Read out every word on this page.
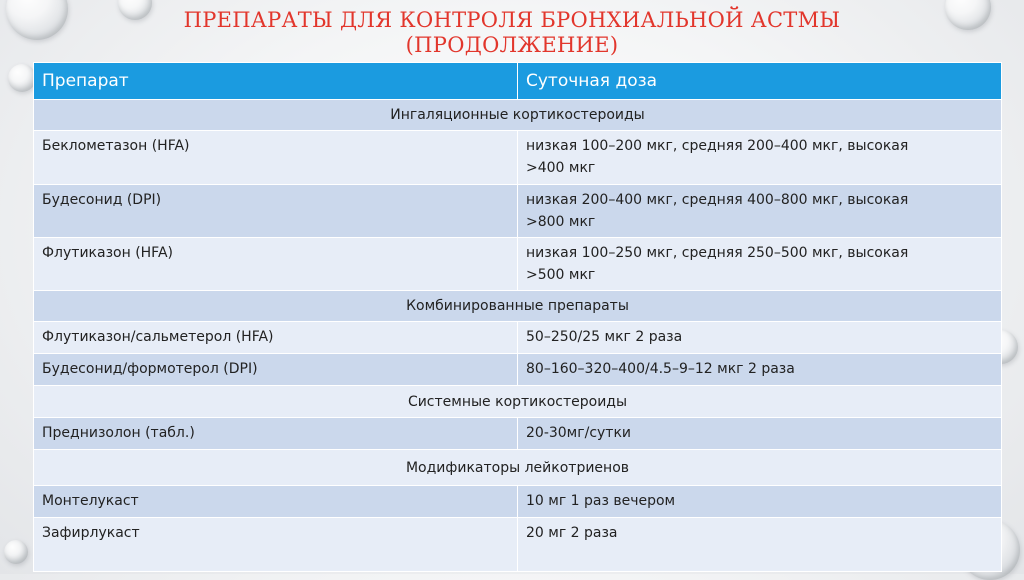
ПРЕПАРАТЫ ДЛЯ КОНТРОЛЯ БРОНХИАЛЬНОЙ АСТМЫ
(ПРОДОЛЖЕНИЕ)
Препарат	Суточная доза
Ингаляционные кортикостероиды	
Беклометазон (HFA)	низкая 100–200 мкг, средняя 200–400 мкг, высокая
>400 мкг

Будесонид (DPI)	низкая 200–400 мкг, средняя 400–800 мкг, высокая
>800 мкг

Флутиказон (HFA)	низкая 100–250 мкг, средняя 250–500 мкг, высокая
>500 мкг

Комбинированные препараты	
Флутиказон/сальметерол (HFA)	50–250/25 мкг 2 раза
Будесонид/формотерол (DPI)	80–160–320–400/4.5–9–12 мкг 2 раза
Системные кортикостероиды	
Преднизолон (табл.)	20-30мг/сутки
Модификаторы лейкотриенов	
Монтелукаст	10 мг 1 раз вечером
Зафирлукаст	20 мг 2 раза
